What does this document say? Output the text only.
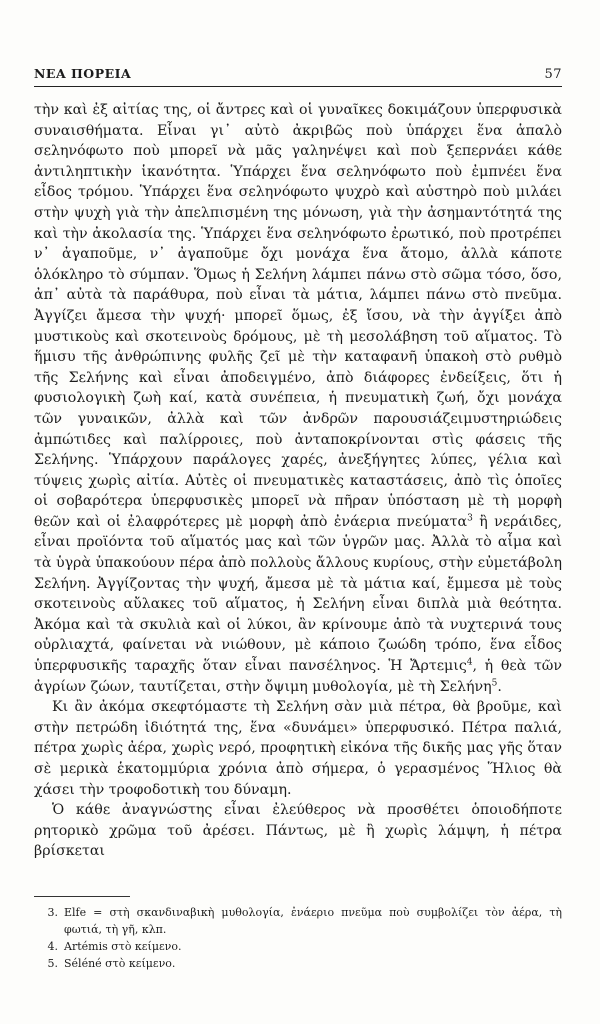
ΝΕΑ ΠΟΡΕΙΑ	57

τὴν καὶ ἐξ αἰτίας της, οἱ ἄντρες καὶ οἱ γυναῖκες δοκιμάζουν ὑπερφυσικὰ συναισθήματα. Εἶναι γι᾽ αὐτὸ ἀκριβῶς ποὺ ὑπάρχει ἕνα ἁπαλὸ σεληνόφωτο ποὺ μπορεῖ νὰ μᾶς γαληνέψει καὶ ποὺ ξεπερνάει κάθε ἀντιληπτικὴν ἱκανότητα. Ὑπάρχει ἕνα σεληνόφωτο ποὺ ἐμπνέει ἕνα εἶδος τρόμου. Ὑπάρχει ἕνα σεληνόφωτο ψυχρὸ καὶ αὐστηρὸ ποὺ μιλάει στὴν ψυχὴ γιὰ τὴν ἀπελπισμένη της μόνωση, γιὰ τὴν ἀσημαντότητά της καὶ τὴν ἀκολασία της. Ὑπάρχει ἕνα σεληνόφωτο ἐρωτικό, ποὺ προτρέπει ν᾽ ἀγαποῦμε, ν᾽ ἀγαποῦμε ὄχι μονάχα ἕνα ἄτομο, ἀλλὰ κάποτε ὁλόκληρο τὸ σύμπαν. Ὅμως ἡ Σελήνη λάμπει πάνω στὸ σῶμα τόσο, ὅσο, ἀπ᾽ αὐτὰ τὰ παράθυρα, ποὺ εἶναι τὰ μάτια, λάμπει πάνω στὸ πνεῦμα. Ἀγγίζει ἄμεσα τὴν ψυχή· μπορεῖ ὅμως, ἐξ ἴσου, νὰ τὴν ἀγγίξει ἀπὸ μυστικοὺς καὶ σκοτεινοὺς δρόμους, μὲ τὴ μεσολάβηση τοῦ αἵματος. Τὸ ἥμισυ τῆς ἀνθρώπινης φυλῆς ζεῖ μὲ τὴν καταφανῆ ὑπακοὴ στὸ ρυθμὸ τῆς Σελήνης καὶ εἶναι ἀποδειγμένο, ἀπὸ διάφορες ἐνδείξεις, ὅτι ἡ φυσιολογικὴ ζωὴ καί, κατὰ συνέπεια, ἡ πνευματικὴ ζωή, ὄχι μονάχα τῶν γυναικῶν, ἀλλὰ καὶ τῶν ἀνδρῶν παρουσιάζειμυστηριώδεις ἀμπώτιδες καὶ παλίρροιες, ποὺ ἀνταποκρίνονται στὶς φάσεις τῆς Σελήνης. Ὑπάρχουν παράλογες χαρές, ἀνεξήγητες λύπες, γέλια καὶ τύψεις χωρὶς αἰτία. Αὐτὲς οἱ πνευματικὲς καταστάσεις, ἀπὸ τὶς ὁποῖες οἱ σοβαρότερα ὑπερφυσικὲς μπορεῖ νὰ πῆραν ὑπόσταση μὲ τὴ μορφὴ θεῶν καὶ οἱ ἐλαφρότερες μὲ μορφὴ ἀπὸ ἐνάερια πνεύματα$^3$ ἢ νεράιδες, εἶναι προϊόντα τοῦ αἵματός μας καὶ τῶν ὑγρῶν μας. Ἀλλὰ τὸ αἷμα καὶ τὰ ὑγρὰ ὑπακούουν πέρα ἀπὸ πολλοὺς ἄλλους κυρίους, στὴν εὐμετάβολη Σελήνη. Ἀγγίζοντας τὴν ψυχή, ἄμεσα μὲ τὰ μάτια καί, ἔμμεσα μὲ τοὺς σκοτεινοὺς αὔλακες τοῦ αἵματος, ἡ Σελήνη εἶναι διπλὰ μιὰ θεότητα. Ἀκόμα καὶ τὰ σκυλιὰ καὶ οἱ λύκοι, ἂν κρίνουμε ἀπὸ τὰ νυχτερινά τους οὐρλιαχτά, φαίνεται νὰ νιώθουν, μὲ κάποιο ζωώδη τρόπο, ἕνα εἶδος ὑπερφυσικῆς ταραχῆς ὅταν εἶναι πανσέληνος. Ἡ Ἄρτεμις$^4$, ἡ θεὰ τῶν ἀγρίων ζώων, ταυτίζεται, στὴν ὄψιμη μυθολογία, μὲ τὴ Σελήνη$^5$.

Κι ἂν ἀκόμα σκεφτόμαστε τὴ Σελήνη σὰν μιὰ πέτρα, θὰ βροῦμε, καὶ στὴν πετρώδη ἰδιότητά της, ἕνα «δυνάμει» ὑπερφυσικό. Πέτρα παλιά, πέτρα χωρὶς ἀέρα, χωρὶς νερό, προφητικὴ εἰκόνα τῆς δικῆς μας γῆς ὅταν σὲ μερικὰ ἑκατομμύρια χρόνια ἀπὸ σήμερα, ὁ γερασμένος Ἥλιος θὰ χάσει τὴν τροφοδοτικὴ του δύναμη.

Ὁ κάθε ἀναγνώστης εἶναι ἐλεύθερος νὰ προσθέτει ὁποιοδήποτε ρητορικὸ χρῶμα τοῦ ἀρέσει. Πάντως, μὲ ἢ χωρὶς λάμψη, ἡ πέτρα βρίσκεται

3. Elfe = στὴ σκανδιναβικὴ μυθολογία, ἐνάεριο πνεῦμα ποὺ συμβολίζει τὸν ἀέρα, τὴ φωτιά, τὴ γῆ, κλπ.
4. Artémis στὸ κείμενο.
5. Séléné στὸ κείμενο.
